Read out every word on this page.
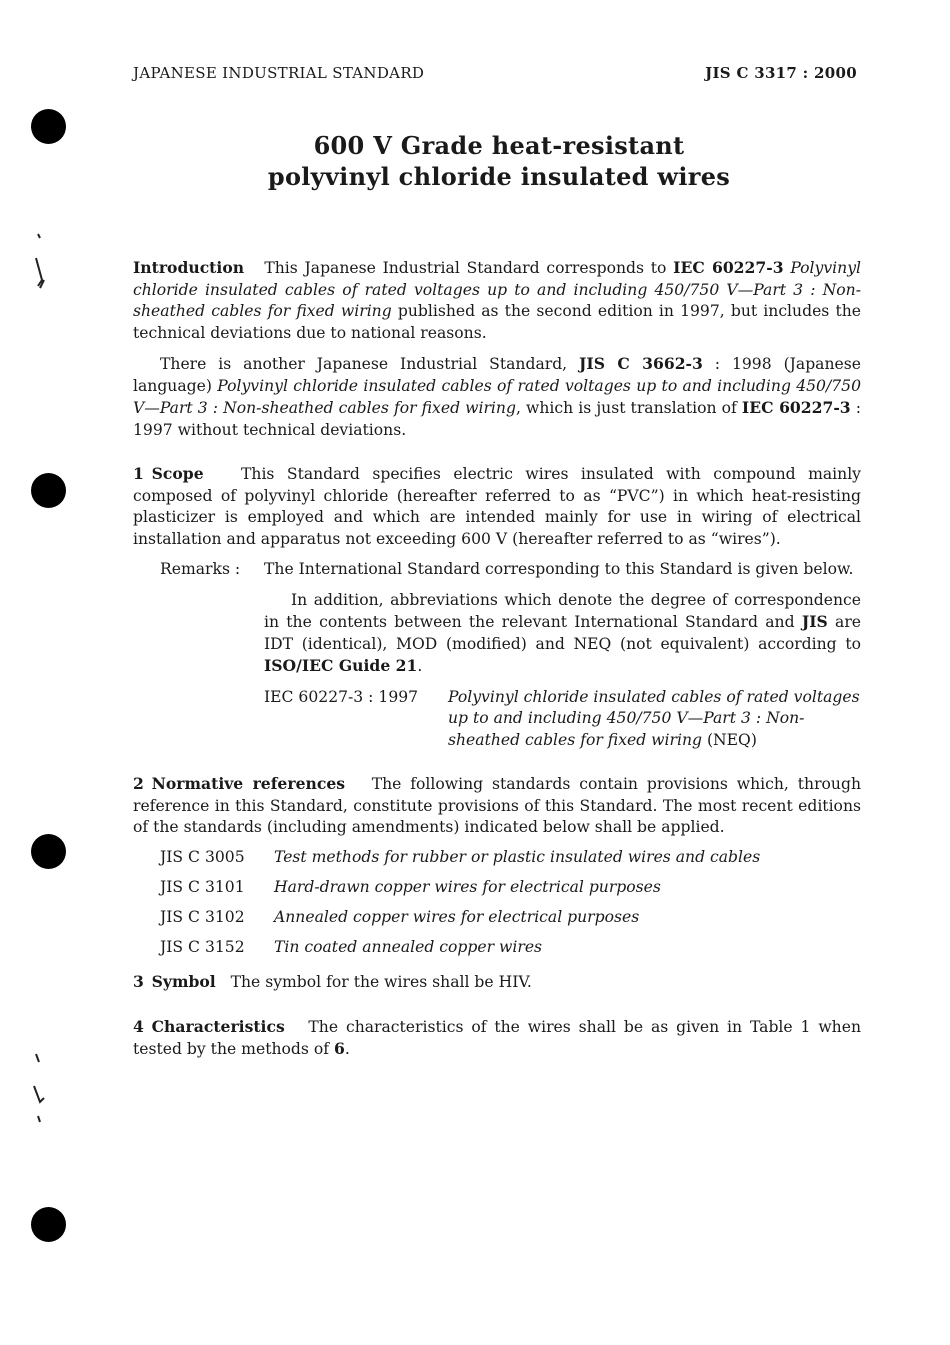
JAPANESE INDUSTRIAL STANDARD	JIS C 3317 : 2000
600 V Grade heat-resistant
polyvinyl chloride insulated wires

Introduction This Japanese Industrial Standard corresponds to IEC 60227-3 Polyvinyl chloride insulated cables of rated voltages up to and including 450/750 V—Part 3 : Non-sheathed cables for fixed wiring published as the second edition in 1997, but includes the technical deviations due to national reasons.

There is another Japanese Industrial Standard, JIS C 3662-3 : 1998 (Japanese language) Polyvinyl chloride insulated cables of rated voltages up to and including 450/750 V—Part 3 : Non-sheathed cables for fixed wiring, which is just translation of IEC 60227-3 : 1997 without technical deviations.

1 Scope This Standard specifies electric wires insulated with compound mainly composed of polyvinyl chloride (hereafter referred to as “PVC”) in which heat-resisting plasticizer is employed and which are intended mainly for use in wiring of electrical installation and apparatus not exceeding 600 V (hereafter referred to as “wires”).

Remarks :	The International Standard corresponding to this Standard is given below.

In addition, abbreviations which denote the degree of correspondence in the contents between the relevant International Standard and JIS are IDT (identical), MOD (modified) and NEQ (not equivalent) according to ISO/IEC Guide 21.

IEC 60227-3 : 1997	Polyvinyl chloride insulated cables of rated voltages up to and including 450/750 V—Part 3 : Non-sheathed cables for fixed wiring (NEQ)

2 Normative references The following standards contain provisions which, through reference in this Standard, constitute provisions of this Standard. The most recent editions of the standards (including amendments) indicated below shall be applied.

JIS C 3005	Test methods for rubber or plastic insulated wires and cables
JIS C 3101	Hard-drawn copper wires for electrical purposes
JIS C 3102	Annealed copper wires for electrical purposes
JIS C 3152	Tin coated annealed copper wires

3 Symbol The symbol for the wires shall be HIV.

4 Characteristics The characteristics of the wires shall be as given in Table 1 when tested by the methods of 6.
